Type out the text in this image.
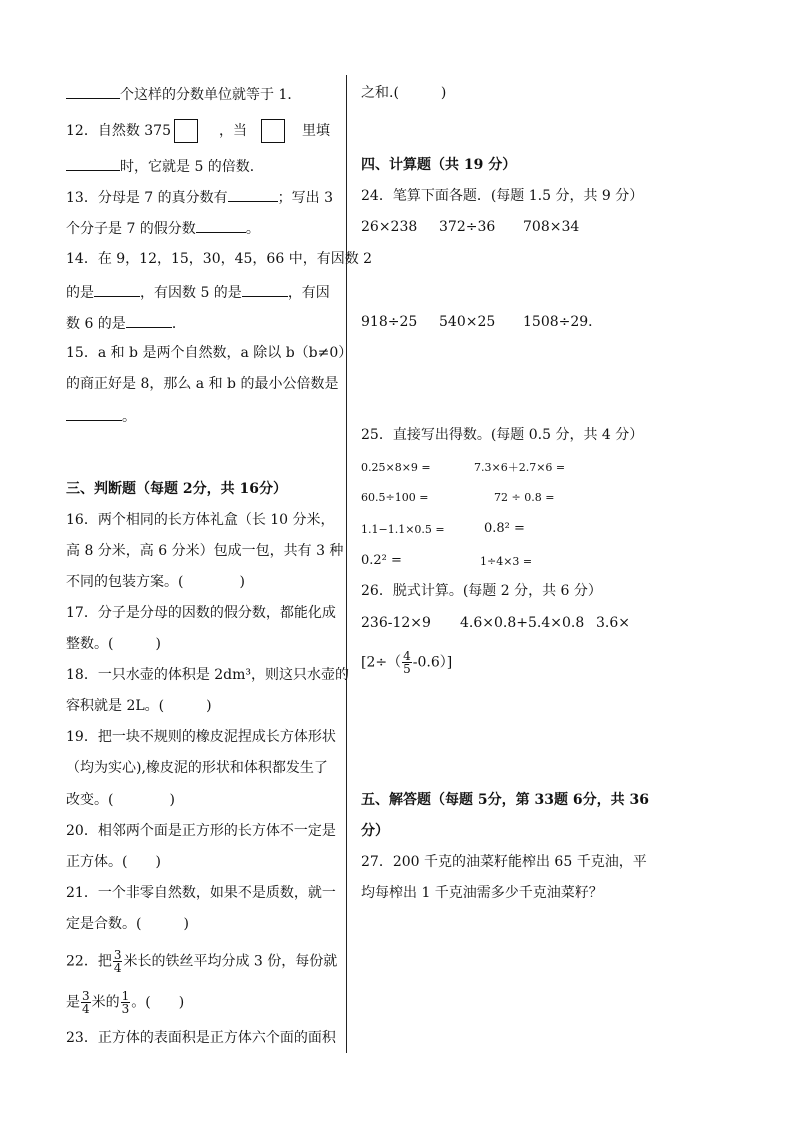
个这样的分数单位就等于 1．
12．自然数 375	，当	里填
时，它就是 5 的倍数．
13．分母是 7 的真分数有	；写出 3
个分子是 7 的假分数	。
14．在 9，12，15，30，45，66 中，有因数 2
的是	，有因数 5 的是	，有因
数 6 的是	．
15．a 和 b 是两个自然数，a 除以 b（b≠0）
的商正好是 8，那么 a 和 b 的最小公倍数是
。
三、判断题（每题 2分，共 16分）
16．两个相同的长方体礼盒（长 10 分米，
高 8 分米，高 6 分米）包成一包，共有 3 种
不同的包装方案。(　　　　)
17．分子是分母的因数的假分数，都能化成
整数。(　　　)
18．一只水壶的体积是 2dm³，则这只水壶的
容积就是 2L。(　　　)
19．把一块不规则的橡皮泥捏成长方体形状
（均为实心),橡皮泥的形状和体积都发生了
改变。(　　　　)
20．相邻两个面是正方形的长方体不一定是
正方体。(　　)
21．一个非零自然数，如果不是质数，就一
定是合数。(　　　)
22．把 $\frac{3}{4}$ 米长的铁丝平均分成 3 份，每份就
是 $\frac{3}{4}$ 米的 $\frac{1}{3}$ 。(　　)
23．正方体的表面积是正方体六个面的面积
之和.(　　　)
四、计算题（共 19 分）
24．笔算下面各题．(每题 1.5 分，共 9 分）
26×238 372÷36 708×34
918÷25 540×25 1508÷29．
25．直接写出得数。(每题 0.5 分，共 4 分）
0.25×8×9 =	7.3×6＋2.7×6 =
60.5÷100 =	72 ÷ 0.8 =
1.1−1.1×0.5 =	0.8² =
0.2² =	1÷4×3 =
26．脱式计算。(每题 2 分，共 6 分）
236-12×9 4.6×0.8+5.4×0.8 3.6×
$[2\div( \frac{4}{5} -0.6)]$
五、解答题（每题 5分，第 33题 6分，共 36
分）
27．200 千克的油菜籽能榨出 65 千克油，平
均每榨出 1 千克油需多少千克油菜籽？
